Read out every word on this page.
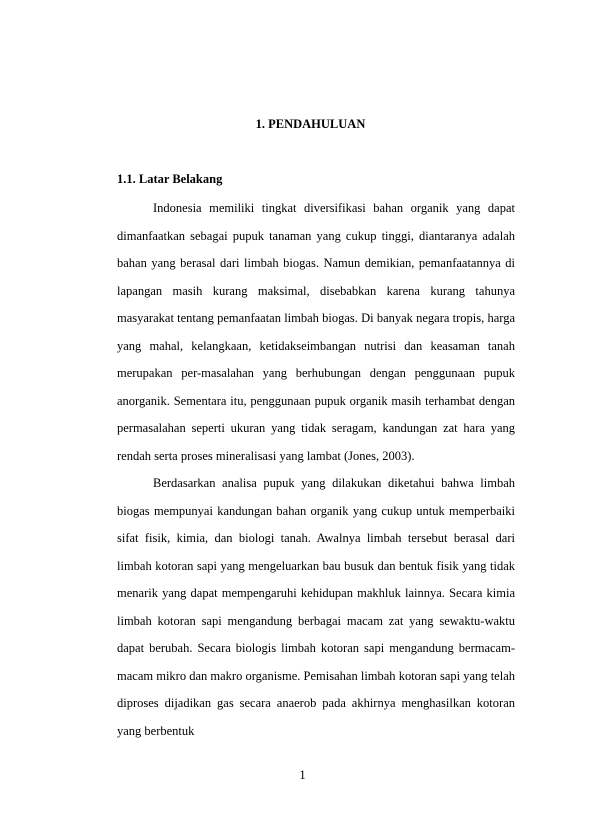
1. PENDAHULUAN
1.1. Latar Belakang

Indonesia memiliki tingkat diversifikasi bahan organik yang dapat dimanfaatkan sebagai pupuk tanaman yang cukup tinggi, diantaranya adalah bahan yang berasal dari limbah biogas. Namun demikian, pemanfaatannya di lapangan masih kurang maksimal, disebabkan karena kurang tahunya masyarakat tentang pemanfaatan limbah biogas. Di banyak negara tropis, harga yang mahal, kelangkaan, ketidakseimbangan nutrisi dan keasaman tanah merupakan per-masalahan yang berhubungan dengan penggunaan pupuk anorganik. Sementara itu, penggunaan pupuk organik masih terhambat dengan permasalahan seperti ukuran yang tidak seragam, kandungan zat hara yang rendah serta proses mineralisasi yang lambat (Jones, 2003).

Berdasarkan analisa pupuk yang dilakukan diketahui bahwa limbah biogas mempunyai kandungan bahan organik yang cukup untuk memperbaiki sifat fisik, kimia, dan biologi tanah. Awalnya limbah tersebut berasal dari limbah kotoran sapi yang mengeluarkan bau busuk dan bentuk fisik yang tidak menarik yang dapat mempengaruhi kehidupan makhluk lainnya. Secara kimia limbah kotoran sapi mengandung berbagai macam zat yang sewaktu-waktu dapat berubah. Secara biologis limbah kotoran sapi mengandung bermacam-macam mikro dan makro organisme. Pemisahan limbah kotoran sapi yang telah diproses dijadikan gas secara anaerob pada akhirnya menghasilkan kotoran yang berbentuk

1
